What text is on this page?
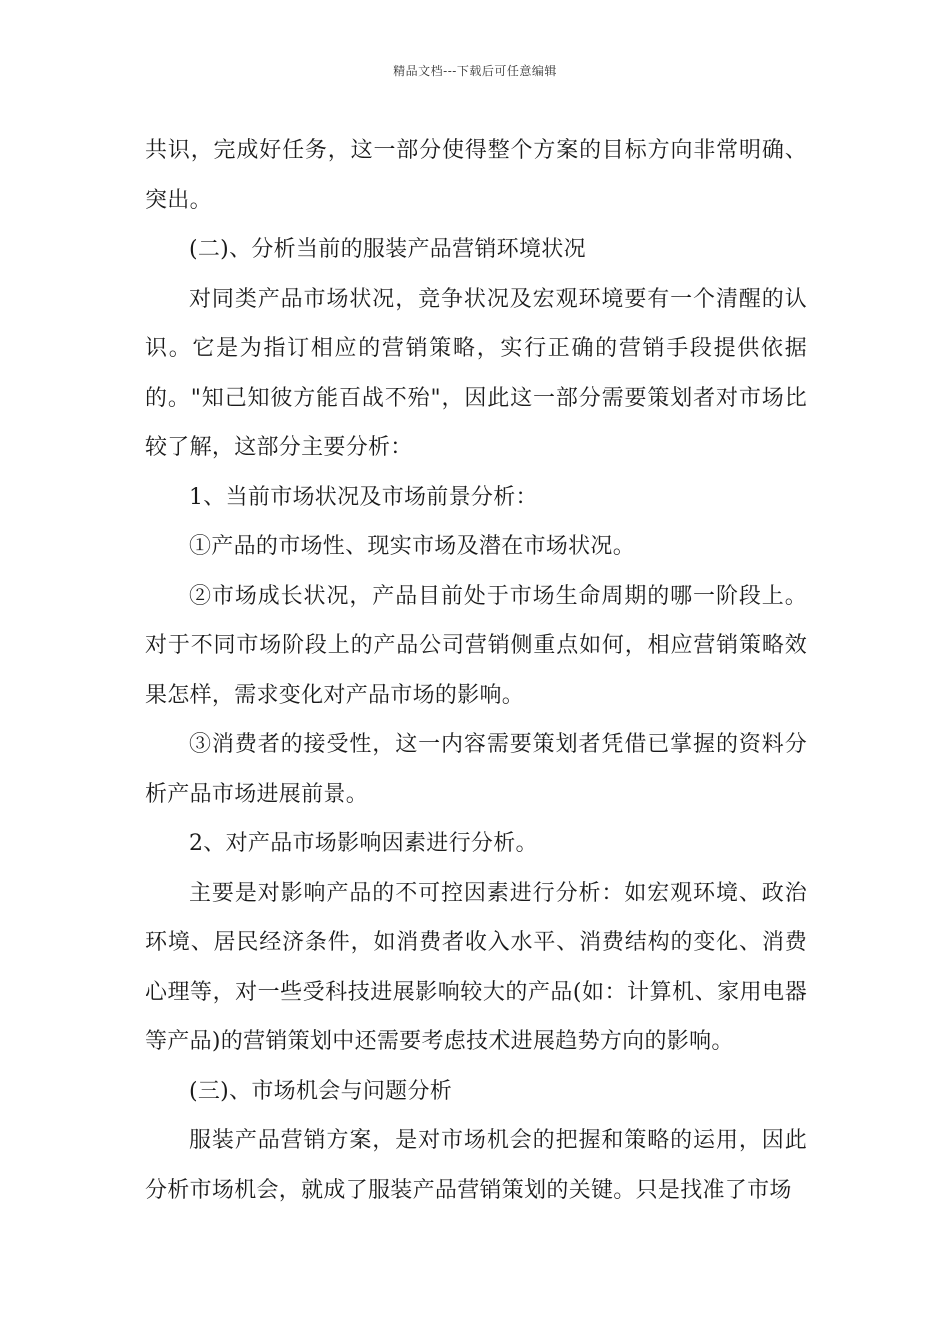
精品文档---下载后可任意编辑

共识，完成好任务，这一部分使得整个方案的目标方向非常明确、突出。

(二)、分析当前的服装产品营销环境状况

对同类产品市场状况，竞争状况及宏观环境要有一个清醒的认识。它是为指订相应的营销策略，实行正确的营销手段提供依据的。"知己知彼方能百战不殆"，因此这一部分需要策划者对市场比较了解，这部分主要分析：

1、当前市场状况及市场前景分析：

①产品的市场性、现实市场及潜在市场状况。

②市场成长状况，产品目前处于市场生命周期的哪一阶段上。对于不同市场阶段上的产品公司营销侧重点如何，相应营销策略效果怎样，需求变化对产品市场的影响。

③消费者的接受性，这一内容需要策划者凭借已掌握的资料分析产品市场进展前景。

2、对产品市场影响因素进行分析。

主要是对影响产品的不可控因素进行分析：如宏观环境、政治环境、居民经济条件，如消费者收入水平、消费结构的变化、消费心理等，对一些受科技进展影响较大的产品(如：计算机、家用电器等产品)的营销策划中还需要考虑技术进展趋势方向的影响。

(三)、市场机会与问题分析

服装产品营销方案，是对市场机会的把握和策略的运用，因此分析市场机会，就成了服装产品营销策划的关键。只是找准了市场
